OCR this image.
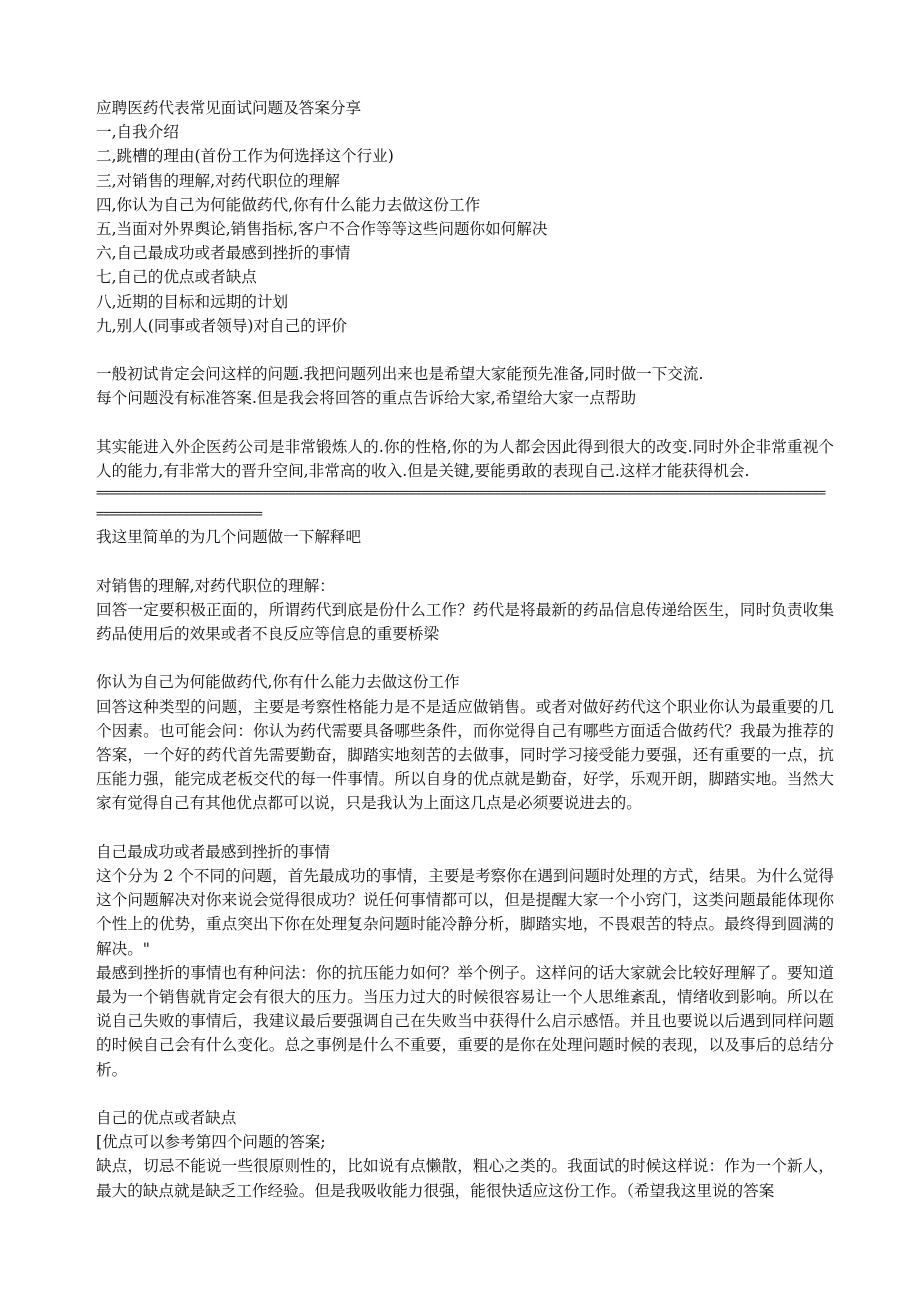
应聘医药代表常见面试问题及答案分享

一,自我介绍

二,跳槽的理由(首份工作为何选择这个行业)

三,对销售的理解,对药代职位的理解

四,你认为自己为何能做药代,你有什么能力去做这份工作

五,当面对外界舆论,销售指标,客户不合作等等这些问题你如何解决

六,自己最成功或者最感到挫折的事情

七,自己的优点或者缺点

八,近期的目标和远期的计划

九,别人(同事或者领导)对自己的评价

一般初试肯定会问这样的问题.我把问题列出来也是希望大家能预先准备,同时做一下交流.

每个问题没有标准答案.但是我会将回答的重点告诉给大家,希望给大家一点帮助

其实能进入外企医药公司是非常锻炼人的.你的性格,你的为人都会因此得到很大的改变.同时外企非常重视个人的能力,有非常大的晋升空间,非常高的收入.但是关键,要能勇敢的表现自己.这样才能获得机会.

==============================================================================================================

=========================

我这里简单的为几个问题做一下解释吧

对销售的理解,对药代职位的理解：

回答一定要积极正面的，所谓药代到底是份什么工作？药代是将最新的药品信息传递给医生，同时负责收集药品使用后的效果或者不良反应等信息的重要桥梁

你认为自己为何能做药代,你有什么能力去做这份工作

回答这种类型的问题，主要是考察性格能力是不是适应做销售。或者对做好药代这个职业你认为最重要的几个因素。也可能会问：你认为药代需要具备哪些条件，而你觉得自己有哪些方面适合做药代？我最为推荐的答案，一个好的药代首先需要勤奋，脚踏实地刻苦的去做事，同时学习接受能力要强，还有重要的一点，抗压能力强，能完成老板交代的每一件事情。所以自身的优点就是勤奋，好学，乐观开朗，脚踏实地。当然大家有觉得自己有其他优点都可以说，只是我认为上面这几点是必须要说进去的。

自己最成功或者最感到挫折的事情

这个分为 2 个不同的问题，首先最成功的事情，主要是考察你在遇到问题时处理的方式，结果。为什么觉得这个问题解决对你来说会觉得很成功？说任何事情都可以，但是提醒大家一个小窍门，这类问题最能体现你个性上的优势，重点突出下你在处理复杂问题时能冷静分析，脚踏实地，不畏艰苦的特点。最终得到圆满的解决。"

最感到挫折的事情也有种问法：你的抗压能力如何？举个例子。这样问的话大家就会比较好理解了。要知道最为一个销售就肯定会有很大的压力。当压力过大的时候很容易让一个人思维紊乱，情绪收到影响。所以在说自己失败的事情后，我建议最后要强调自己在失败当中获得什么启示感悟。并且也要说以后遇到同样问题的时候自己会有什么变化。总之事例是什么不重要，重要的是你在处理问题时候的表现，以及事后的总结分析。

自己的优点或者缺点

[优点可以参考第四个问题的答案;

缺点，切忌不能说一些很原则性的，比如说有点懒散，粗心之类的。我面试的时候这样说：作为一个新人，最大的缺点就是缺乏工作经验。但是我吸收能力很强，能很快适应这份工作。（希望我这里说的答案
